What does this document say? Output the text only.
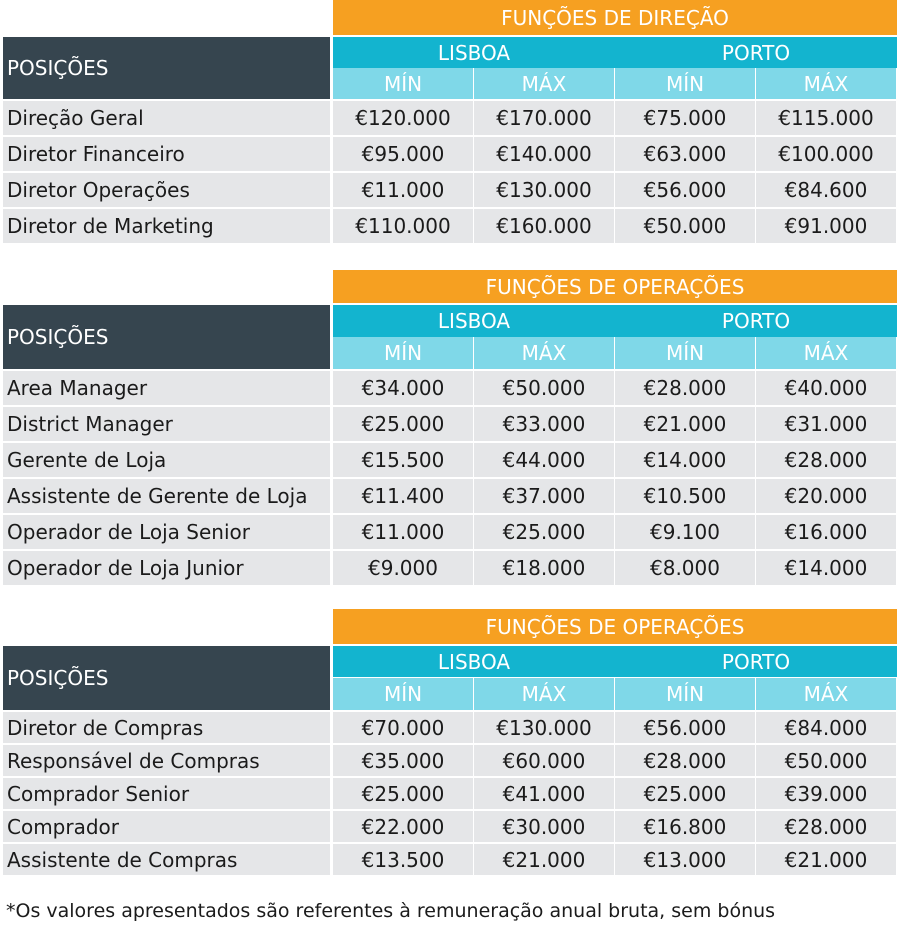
FUNÇÕES DE DIREÇÃO
POSIÇÕES
LISBOA	PORTO
MÍN	MÁX	MÍN	MÁX
Direção Geral	€120.000	€170.000	€75.000	€115.000
Diretor Financeiro	€95.000	€140.000	€63.000	€100.000
Diretor Operações	€11.000	€130.000	€56.000	€84.600
Diretor de Marketing	€110.000	€160.000	€50.000	€91.000
FUNÇÕES DE OPERAÇÕES
POSIÇÕES
LISBOA	PORTO
MÍN	MÁX	MÍN	MÁX
Area Manager	€34.000	€50.000	€28.000	€40.000
District Manager	€25.000	€33.000	€21.000	€31.000
Gerente de Loja	€15.500	€44.000	€14.000	€28.000
Assistente de Gerente de Loja	€11.400	€37.000	€10.500	€20.000
Operador de Loja Senior	€11.000	€25.000	€9.100	€16.000
Operador de Loja Junior	€9.000	€18.000	€8.000	€14.000
FUNÇÕES DE OPERAÇÕES
POSIÇÕES
LISBOA	PORTO
MÍN	MÁX	MÍN	MÁX
Diretor de Compras	€70.000	€130.000	€56.000	€84.000
Responsável de Compras	€35.000	€60.000	€28.000	€50.000
Comprador Senior	€25.000	€41.000	€25.000	€39.000
Comprador	€22.000	€30.000	€16.800	€28.000
Assistente de Compras	€13.500	€21.000	€13.000	€21.000
*Os valores apresentados são referentes à remuneração anual bruta, sem bónus
